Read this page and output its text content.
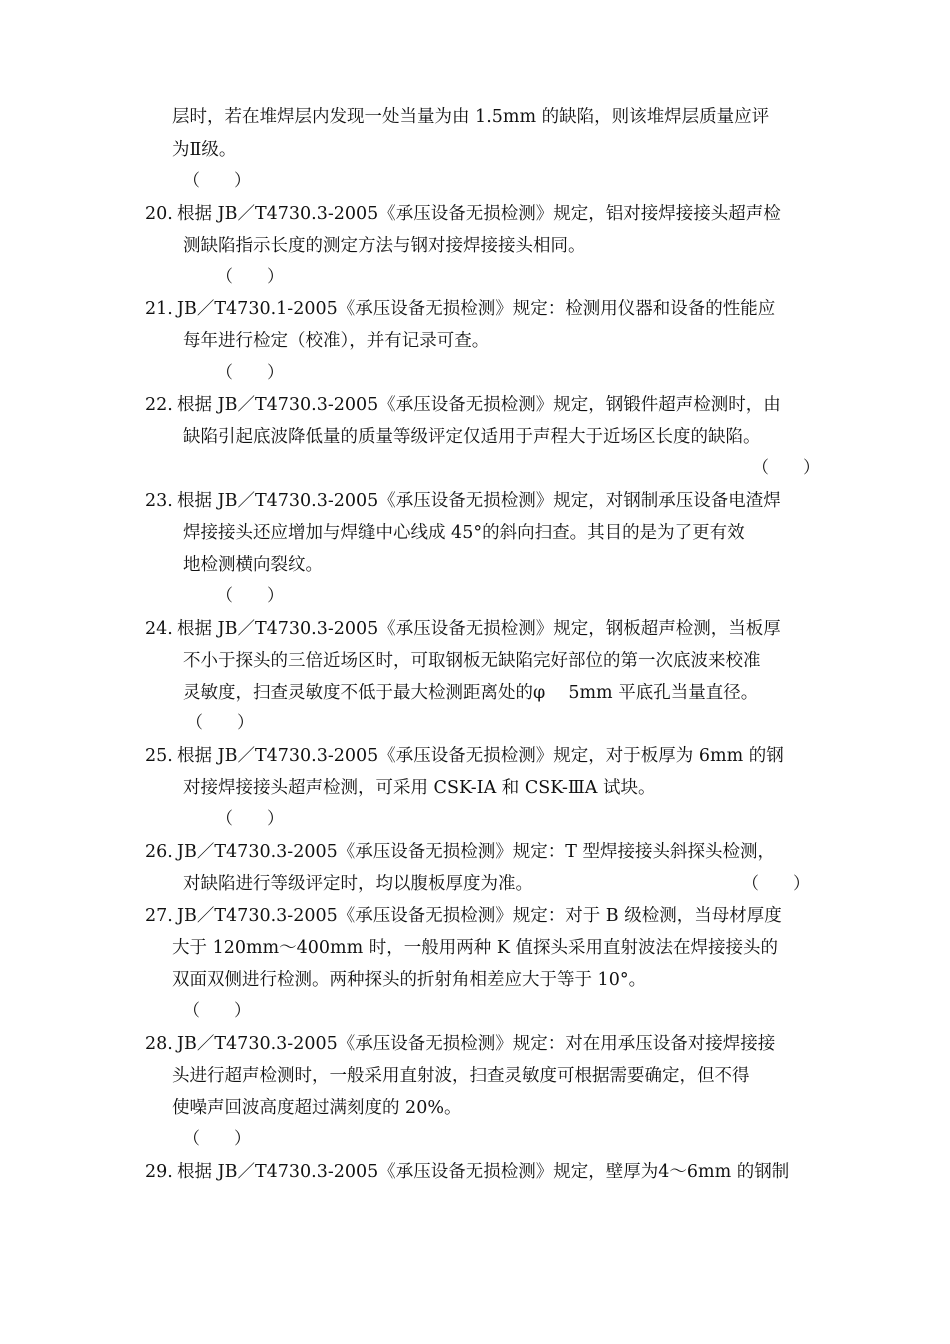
层时，若在堆焊层内发现一处当量为由 1.5mm 的缺陷，则该堆焊层质量应评
为Ⅱ级。
（　　）
20. 根据 JB／T4730.3-2005《承压设备无损检测》规定，铝对接焊接接头超声检
测缺陷指示长度的测定方法与钢对接焊接接头相同。
（　　）
21. JB／T4730.1-2005《承压设备无损检测》规定：检测用仪器和设备的性能应
每年进行检定（校准），并有记录可查。
（　　）
22. 根据 JB／T4730.3-2005《承压设备无损检测》规定，钢锻件超声检测时，由
缺陷引起底波降低量的质量等级评定仅适用于声程大于近场区长度的缺陷。
（　　）
23. 根据 JB／T4730.3-2005《承压设备无损检测》规定，对钢制承压设备电渣焊
焊接接头还应增加与焊缝中心线成 45°的斜向扫查。其目的是为了更有效
地检测横向裂纹。
（　　）
24. 根据 JB／T4730.3-2005《承压设备无损检测》规定，钢板超声检测，当板厚
不小于探头的三倍近场区时，可取钢板无缺陷完好部位的第一次底波来校准
灵敏度，扫查灵敏度不低于最大检测距离处的φ　 5mm 平底孔当量直径。
（　　）
25. 根据 JB／T4730.3-2005《承压设备无损检测》规定，对于板厚为 6mm 的钢
对接焊接接头超声检测，可采用 CSK-IA 和 CSK-ⅢA 试块。
（　　）
26. JB／T4730.3-2005《承压设备无损检测》规定：T 型焊接接头斜探头检测，
对缺陷进行等级评定时，均以腹板厚度为准。	（　　）
27. JB／T4730.3-2005《承压设备无损检测》规定：对于 B 级检测，当母材厚度
大于 120mm～400mm 时，一般用两种 K 值探头采用直射波法在焊接接头的
双面双侧进行检测。两种探头的折射角相差应大于等于 10°。
（　　）
28. JB／T4730.3-2005《承压设备无损检测》规定：对在用承压设备对接焊接接
头进行超声检测时，一般采用直射波，扫查灵敏度可根据需要确定，但不得
使噪声回波高度超过满刻度的 20%。
（　　）
29. 根据 JB／T4730.3-2005《承压设备无损检测》规定，壁厚为4～6mm 的钢制
